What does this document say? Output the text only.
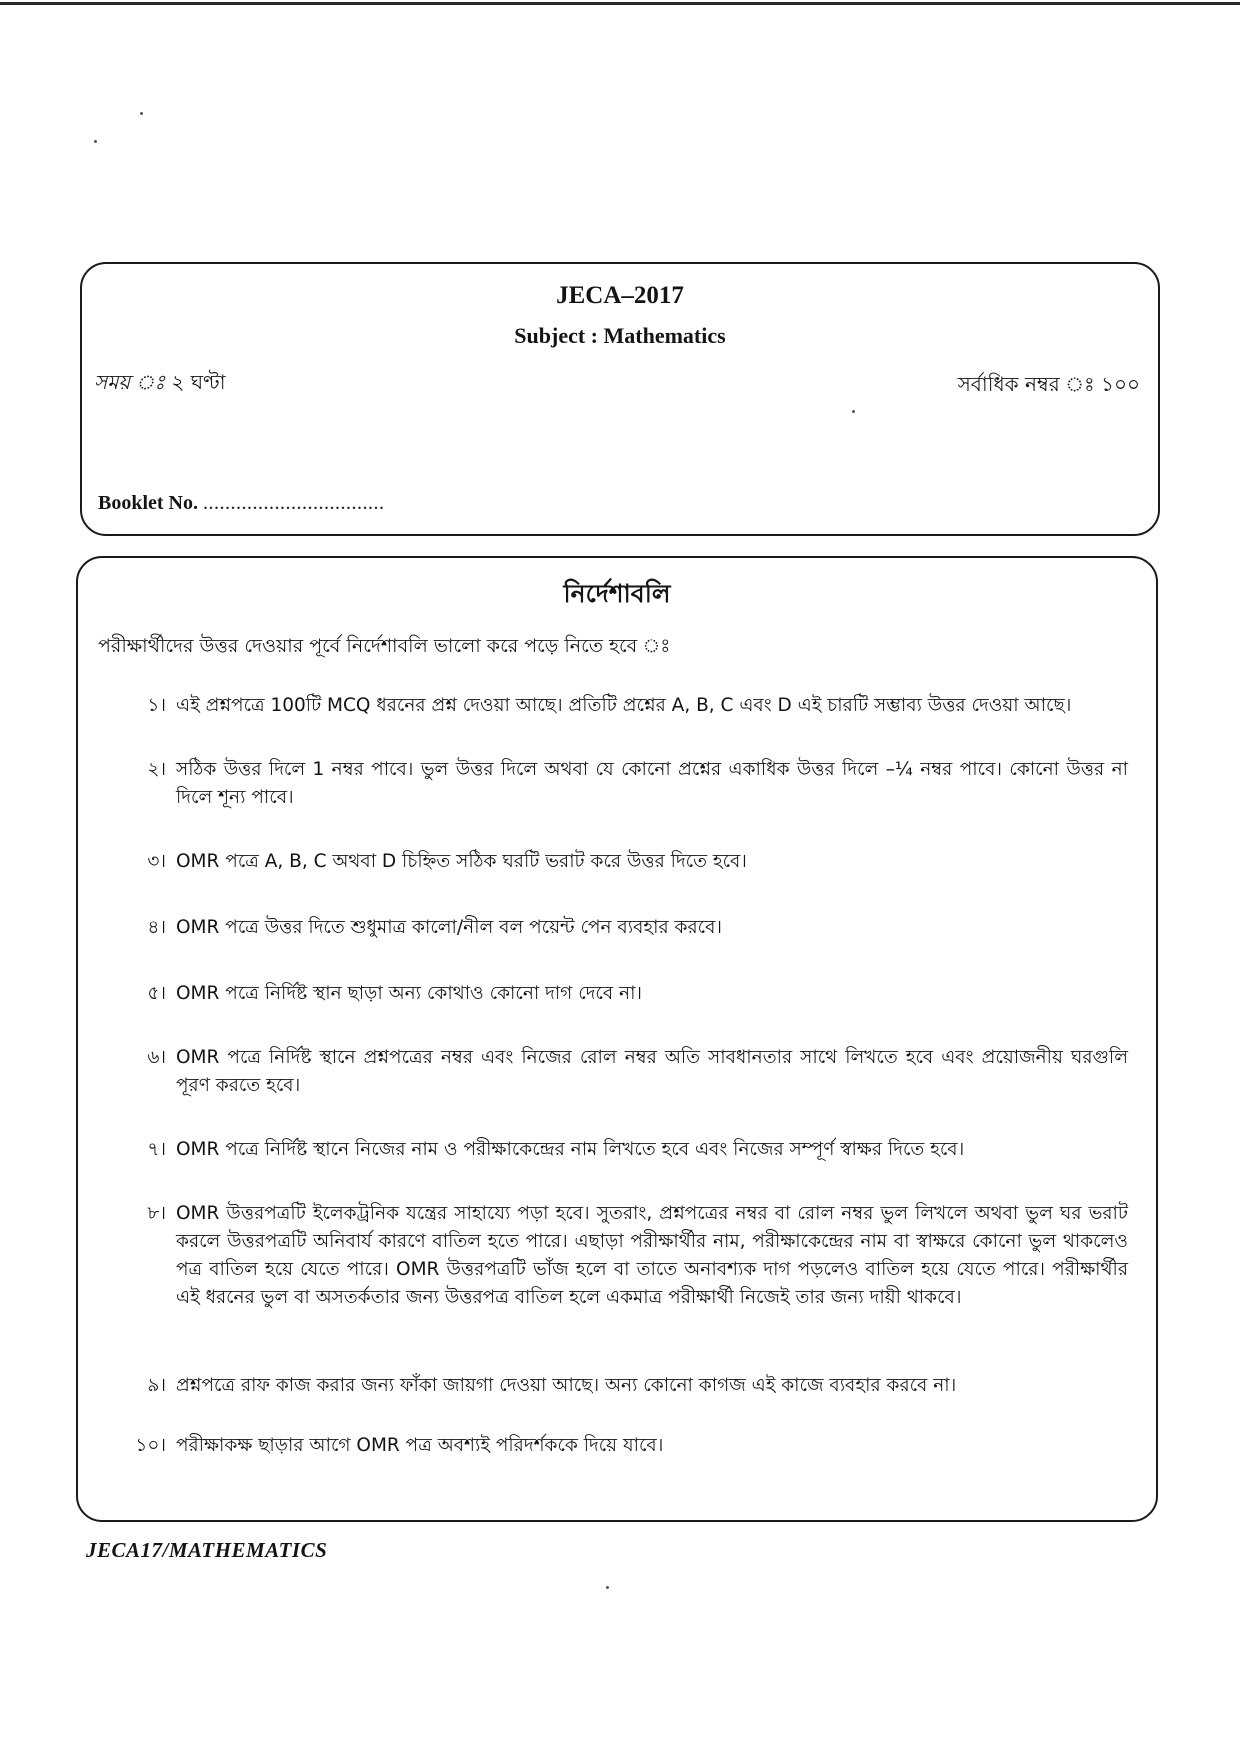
JECA–2017
Subject : Mathematics
সময় ঃ ২ ঘণ্টা	সর্বাধিক নম্বর ঃ ১০০
Booklet No. .................................
নির্দেশাবলি
পরীক্ষার্থীদের উত্তর দেওয়ার পূর্বে নির্দেশাবলি ভালো করে পড়ে নিতে হবে ঃ
১। এই প্রশ্নপত্রে 100টি MCQ ধরনের প্রশ্ন দেওয়া আছে। প্রতিটি প্রশ্নের A, B, C এবং D এই চারটি সম্ভাব্য উত্তর দেওয়া আছে।
২। সঠিক উত্তর দিলে 1 নম্বর পাবে। ভুল উত্তর দিলে অথবা যে কোনো প্রশ্নের একাধিক উত্তর দিলে –¼ নম্বর পাবে। কোনো উত্তর না দিলে শূন্য পাবে।
৩। OMR পত্রে A, B, C অথবা D চিহ্নিত সঠিক ঘরটি ভরাট করে উত্তর দিতে হবে।
৪। OMR পত্রে উত্তর দিতে শুধুমাত্র কালো/নীল বল পয়েন্ট পেন ব্যবহার করবে।
৫। OMR পত্রে নির্দিষ্ট স্থান ছাড়া অন্য কোথাও কোনো দাগ দেবে না।
৬। OMR পত্রে নির্দিষ্ট স্থানে প্রশ্নপত্রের নম্বর এবং নিজের রোল নম্বর অতি সাবধানতার সাথে লিখতে হবে এবং প্রয়োজনীয় ঘরগুলি পূরণ করতে হবে।
৭। OMR পত্রে নির্দিষ্ট স্থানে নিজের নাম ও পরীক্ষাকেন্দ্রের নাম লিখতে হবে এবং নিজের সম্পূর্ণ স্বাক্ষর দিতে হবে।
৮। OMR উত্তরপত্রটি ইলেকট্রনিক যন্ত্রের সাহায্যে পড়া হবে। সুতরাং, প্রশ্নপত্রের নম্বর বা রোল নম্বর ভুল লিখলে অথবা ভুল ঘর ভরাট করলে উত্তরপত্রটি অনিবার্য কারণে বাতিল হতে পারে। এছাড়া পরীক্ষার্থীর নাম, পরীক্ষাকেন্দ্রের নাম বা স্বাক্ষরে কোনো ভুল থাকলেও পত্র বাতিল হয়ে যেতে পারে। OMR উত্তরপত্রটি ভাঁজ হলে বা তাতে অনাবশ্যক দাগ পড়লেও বাতিল হয়ে যেতে পারে। পরীক্ষার্থীর এই ধরনের ভুল বা অসতর্কতার জন্য উত্তরপত্র বাতিল হলে একমাত্র পরীক্ষার্থী নিজেই তার জন্য দায়ী থাকবে।
৯। প্রশ্নপত্রে রাফ কাজ করার জন্য ফাঁকা জায়গা দেওয়া আছে। অন্য কোনো কাগজ এই কাজে ব্যবহার করবে না।
১০। পরীক্ষাকক্ষ ছাড়ার আগে OMR পত্র অবশ্যই পরিদর্শককে দিয়ে যাবে।
JECA17/MATHEMATICS
